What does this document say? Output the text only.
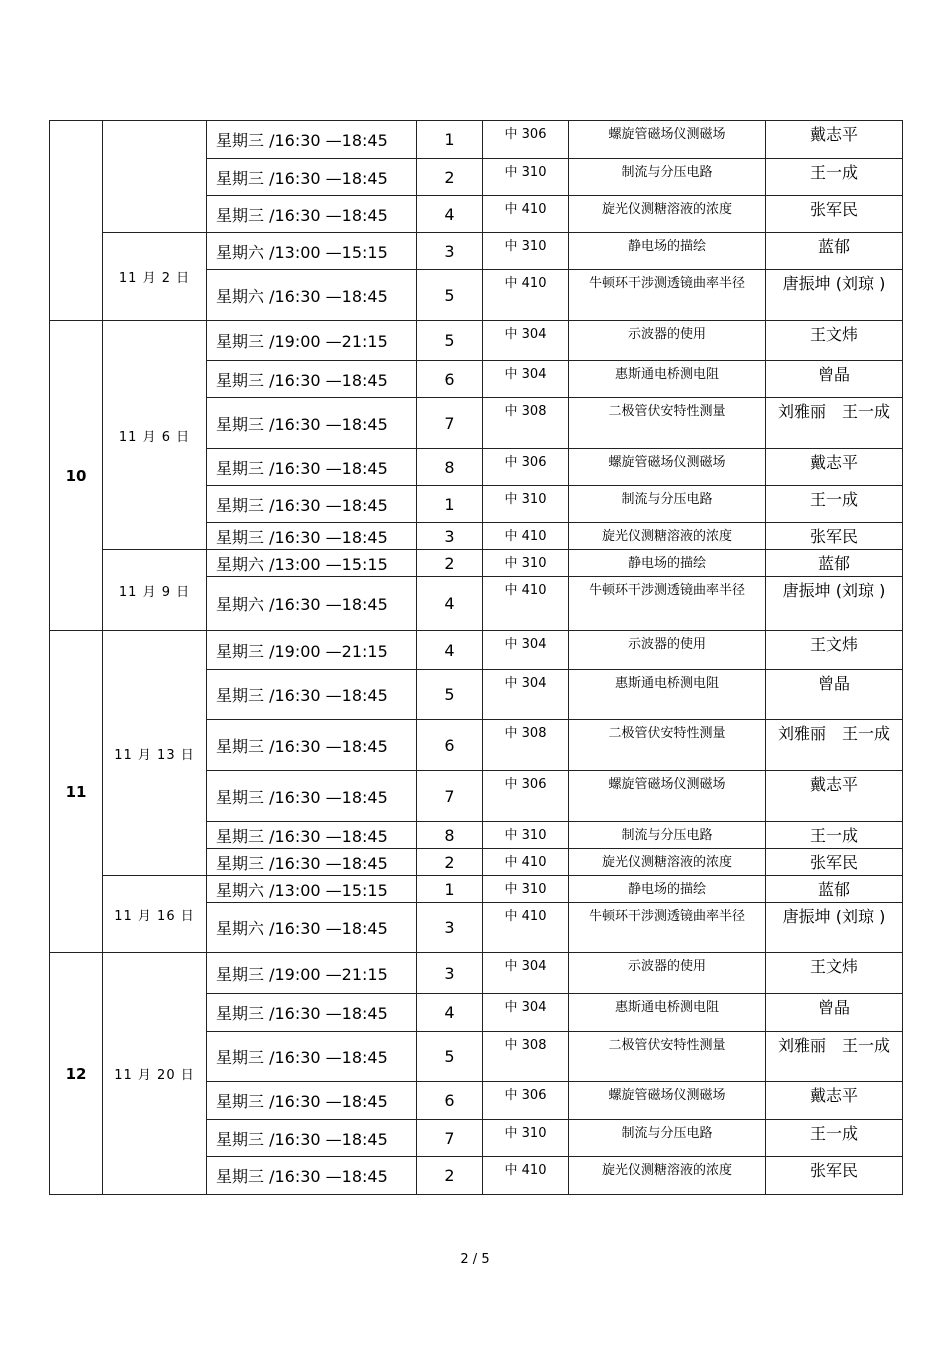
		星期三 /16:30 —18:45	1	中 306	螺旋管磁场仪测磁场	戴志平
		星期三 /16:30 —18:45	2	中 310	制流与分压电路	王一成
		星期三 /16:30 —18:45	4	中 410	旋光仪测糖溶液的浓度	张军民
	11 月 2 日	星期六 /13:00 —15:15	3	中 310	静电场的描绘	蓝郁
		星期六 /16:30 —18:45	5	中 410	牛顿环干涉测透镜曲率半径	唐振坤 (刘琼 )
10	11 月 6 日	星期三 /19:00 —21:15	5	中 304	示波器的使用	王文炜
		星期三 /16:30 —18:45	6	中 304	惠斯通电桥测电阻	曾晶
		星期三 /16:30 —18:45	7	中 308	二极管伏安特性测量	刘雅丽　王一成
		星期三 /16:30 —18:45	8	中 306	螺旋管磁场仪测磁场	戴志平
		星期三 /16:30 —18:45	1	中 310	制流与分压电路	王一成
		星期三 /16:30 —18:45	3	中 410	旋光仪测糖溶液的浓度	张军民
	11 月 9 日	星期六 /13:00 —15:15	2	中 310	静电场的描绘	蓝郁
		星期六 /16:30 —18:45	4	中 410	牛顿环干涉测透镜曲率半径	唐振坤 (刘琼 )
11	11 月 13 日	星期三 /19:00 —21:15	4	中 304	示波器的使用	王文炜
		星期三 /16:30 —18:45	5	中 304	惠斯通电桥测电阻	曾晶
		星期三 /16:30 —18:45	6	中 308	二极管伏安特性测量	刘雅丽　王一成
		星期三 /16:30 —18:45	7	中 306	螺旋管磁场仪测磁场	戴志平
		星期三 /16:30 —18:45	8	中 310	制流与分压电路	王一成
		星期三 /16:30 —18:45	2	中 410	旋光仪测糖溶液的浓度	张军民
	11 月 16 日	星期六 /13:00 —15:15	1	中 310	静电场的描绘	蓝郁
		星期六 /16:30 —18:45	3	中 410	牛顿环干涉测透镜曲率半径	唐振坤 (刘琼 )
12	11 月 20 日	星期三 /19:00 —21:15	3	中 304	示波器的使用	王文炜
		星期三 /16:30 —18:45	4	中 304	惠斯通电桥测电阻	曾晶
		星期三 /16:30 —18:45	5	中 308	二极管伏安特性测量	刘雅丽　王一成
		星期三 /16:30 —18:45	6	中 306	螺旋管磁场仪测磁场	戴志平
		星期三 /16:30 —18:45	7	中 310	制流与分压电路	王一成
		星期三 /16:30 —18:45	2	中 410	旋光仪测糖溶液的浓度	张军民
2 / 5
